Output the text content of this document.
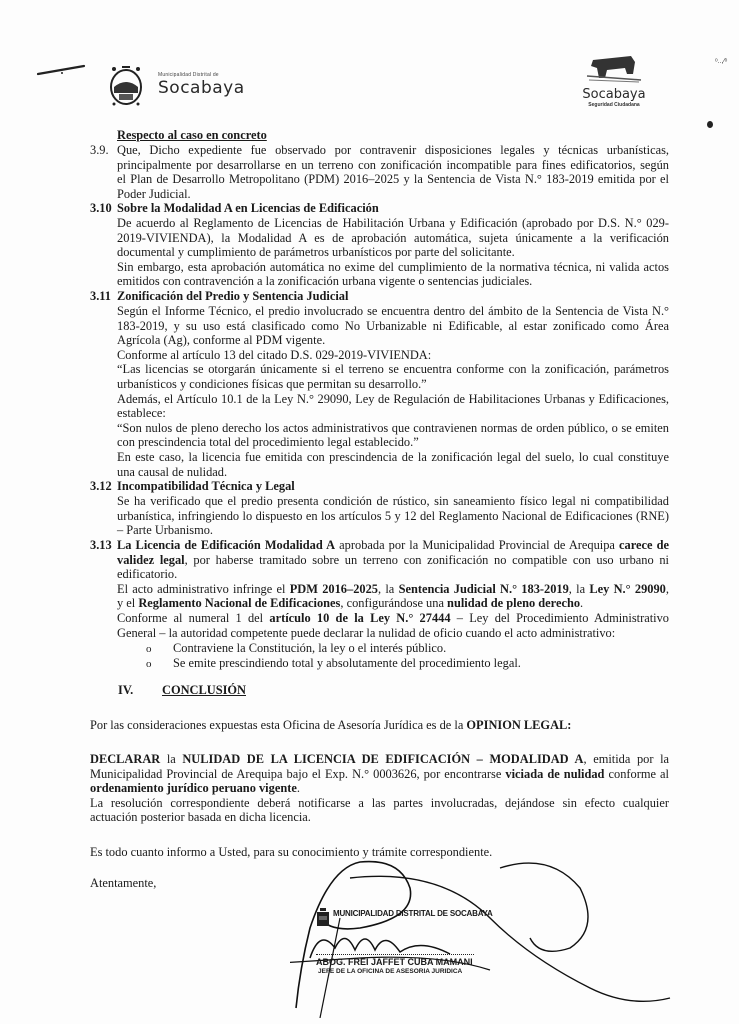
Municipalidad Distrital de
Socabaya	Socabaya
Seguridad Ciudadana
ᵒ..,⁄ᵒ
Respecto al caso en concreto
3.9. Que, Dicho expediente fue observado por contravenir disposiciones legales y técnicas urbanísticas,

principalmente por desarrollarse en un terreno con zonificación incompatible para fines edificatorios, según

el Plan de Desarrollo Metropolitano (PDM) 2016–2025 y la Sentencia de Vista N.° 183-2019 emitida por el

Poder Judicial.

3.10 Sobre la Modalidad A en Licencias de Edificación

De acuerdo al Reglamento de Licencias de Habilitación Urbana y Edificación (aprobado por D.S. N.° 029-

2019-VIVIENDA), la Modalidad A es de aprobación automática, sujeta únicamente a la verificación

documental y cumplimiento de parámetros urbanísticos por parte del solicitante.

Sin embargo, esta aprobación automática no exime del cumplimiento de la normativa técnica, ni valida actos

emitidos con contravención a la zonificación urbana vigente o sentencias judiciales.

3.11 Zonificación del Predio y Sentencia Judicial

Según el Informe Técnico, el predio involucrado se encuentra dentro del ámbito de la Sentencia de Vista N.°

183-2019, y su uso está clasificado como No Urbanizable ni Edificable, al estar zonificado como Área

Agrícola (Ag), conforme al PDM vigente.

Conforme al artículo 13 del citado D.S. 029-2019-VIVIENDA:

“Las licencias se otorgarán únicamente si el terreno se encuentra conforme con la zonificación, parámetros

urbanísticos y condiciones físicas que permitan su desarrollo.”

Además, el Artículo 10.1 de la Ley N.° 29090, Ley de Regulación de Habilitaciones Urbanas y Edificaciones,

establece:

“Son nulos de pleno derecho los actos administrativos que contravienen normas de orden público, o se emiten

con prescindencia total del procedimiento legal establecido.”

En este caso, la licencia fue emitida con prescindencia de la zonificación legal del suelo, lo cual constituye

una causal de nulidad.

3.12 Incompatibilidad Técnica y Legal

Se ha verificado que el predio presenta condición de rústico, sin saneamiento físico legal ni compatibilidad

urbanística, infringiendo lo dispuesto en los artículos 5 y 12 del Reglamento Nacional de Edificaciones (RNE)

– Parte Urbanismo.

3.13 La Licencia de Edificación Modalidad A aprobada por la Municipalidad Provincial de Arequipa carece de

validez legal, por haberse tramitado sobre un terreno con zonificación no compatible con uso urbano ni

edificatorio.

El acto administrativo infringe el PDM 2016–2025, la Sentencia Judicial N.° 183-2019, la Ley N.° 29090,

y el Reglamento Nacional de Edificaciones, configurándose una nulidad de pleno derecho.

Conforme al numeral 1 del artículo 10 de la Ley N.° 27444 – Ley del Procedimiento Administrativo

General – la autoridad competente puede declarar la nulidad de oficio cuando el acto administrativo:

o Contraviene la Constitución, la ley o el interés público.
o Se emite prescindiendo total y absolutamente del procedimiento legal.
IV. CONCLUSIÓN
Por las consideraciones expuestas esta Oficina de Asesoría Jurídica es de la OPINION LEGAL:

DECLARAR la NULIDAD DE LA LICENCIA DE EDIFICACIÓN – MODALIDAD A, emitida por la

Municipalidad Provincial de Arequipa bajo el Exp. N.° 0003626, por encontrarse viciada de nulidad conforme al

ordenamiento jurídico peruano vigente.

La resolución correspondiente deberá notificarse a las partes involucradas, dejándose sin efecto cualquier

actuación posterior basada en dicha licencia.

Es todo cuanto informo a Usted, para su conocimiento y trámite correspondiente.
Atentamente,
MUNICIPALIDAD DISTRITAL DE SOCABAYA
ABOG. FREI JAFFET CUBA MAMANI
JEFE DE LA OFICINA DE ASESORIA JURIDICA
